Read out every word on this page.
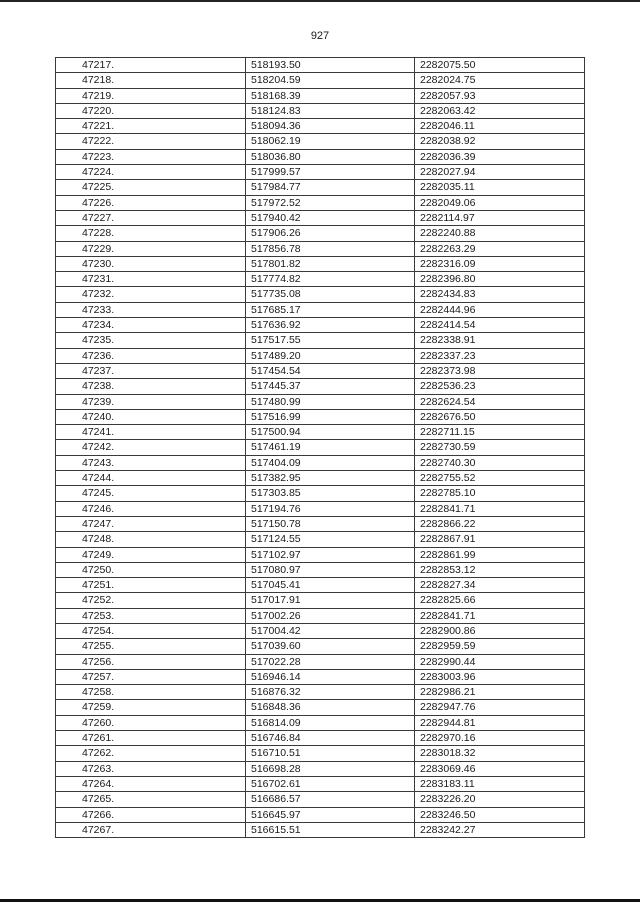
927
47217.	518193.50	2282075.50
47218.	518204.59	2282024.75
47219.	518168.39	2282057.93
47220.	518124.83	2282063.42
47221.	518094.36	2282046.11
47222.	518062.19	2282038.92
47223.	518036.80	2282036.39
47224.	517999.57	2282027.94
47225.	517984.77	2282035.11
47226.	517972.52	2282049.06
47227.	517940.42	2282114.97
47228.	517906.26	2282240.88
47229.	517856.78	2282263.29
47230.	517801.82	2282316.09
47231.	517774.82	2282396.80
47232.	517735.08	2282434.83
47233.	517685.17	2282444.96
47234.	517636.92	2282414.54
47235.	517517.55	2282338.91
47236.	517489.20	2282337.23
47237.	517454.54	2282373.98
47238.	517445.37	2282536.23
47239.	517480.99	2282624.54
47240.	517516.99	2282676.50
47241.	517500.94	2282711.15
47242.	517461.19	2282730.59
47243.	517404.09	2282740.30
47244.	517382.95	2282755.52
47245.	517303.85	2282785.10
47246.	517194.76	2282841.71
47247.	517150.78	2282866.22
47248.	517124.55	2282867.91
47249.	517102.97	2282861.99
47250.	517080.97	2282853.12
47251.	517045.41	2282827.34
47252.	517017.91	2282825.66
47253.	517002.26	2282841.71
47254.	517004.42	2282900.86
47255.	517039.60	2282959.59
47256.	517022.28	2282990.44
47257.	516946.14	2283003.96
47258.	516876.32	2282986.21
47259.	516848.36	2282947.76
47260.	516814.09	2282944.81
47261.	516746.84	2282970.16
47262.	516710.51	2283018.32
47263.	516698.28	2283069.46
47264.	516702.61	2283183.11
47265.	516686.57	2283226.20
47266.	516645.97	2283246.50
47267.	516615.51	2283242.27
